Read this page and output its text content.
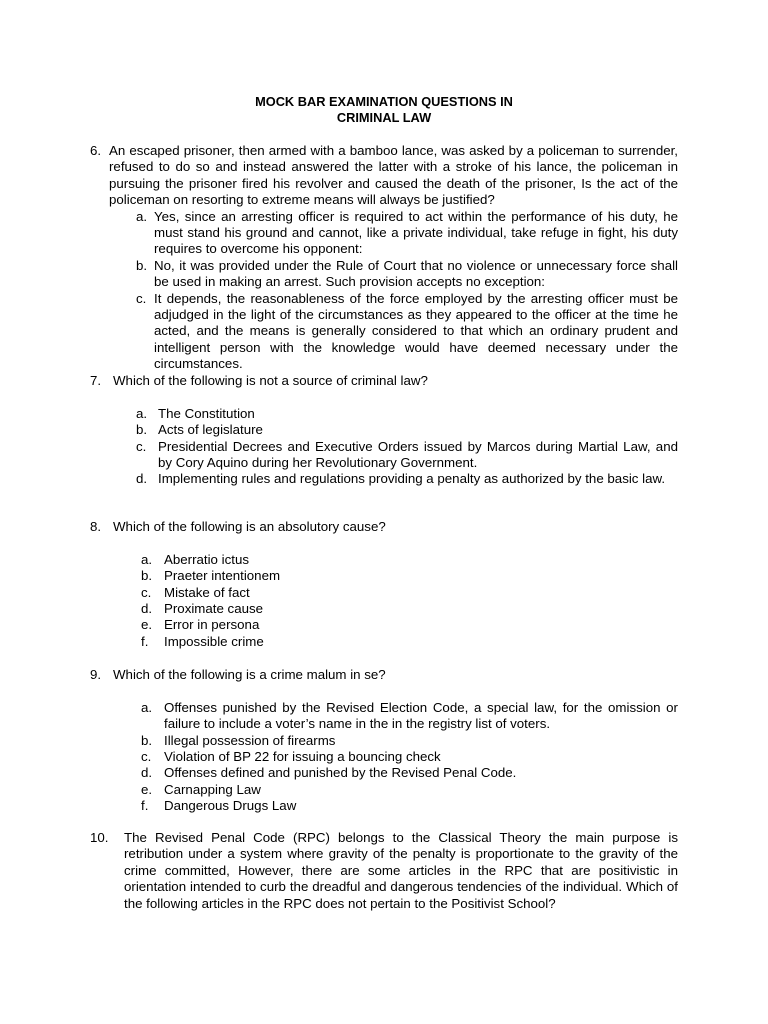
MOCK BAR EXAMINATION QUESTIONS IN
CRIMINAL LAW
6. An escaped prisoner, then armed with a bamboo lance, was asked by a policeman to surrender, refused to do so and instead answered the latter with a stroke of his lance, the policeman in pursuing the prisoner fired his revolver and caused the death of the prisoner, Is the act of the policeman on resorting to extreme means will always be justified?
a. Yes, since an arresting officer is required to act within the performance of his duty, he must stand his ground and cannot, like a private individual, take refuge in fight, his duty requires to overcome his opponent:
b. No, it was provided under the Rule of Court that no violence or unnecessary force shall be used in making an arrest. Such provision accepts no exception:
c. It depends, the reasonableness of the force employed by the arresting officer must be adjudged in the light of the circumstances as they appeared to the officer at the time he acted, and the means is generally considered to that which an ordinary prudent and intelligent person with the knowledge would have deemed necessary under the circumstances.
7. Which of the following is not a source of criminal law?
a. The Constitution
b. Acts of legislature
c. Presidential Decrees and Executive Orders issued by Marcos during Martial Law, and by Cory Aquino during her Revolutionary Government.
d. Implementing rules and regulations providing a penalty as authorized by the basic law.
8. Which of the following is an absolutory cause?
a. Aberratio ictus
b. Praeter intentionem
c. Mistake of fact
d. Proximate cause
e. Error in persona
f. Impossible crime
9. Which of the following is a crime malum in se?
a. Offenses punished by the Revised Election Code, a special law, for the omission or failure to include a voter’s name in the in the registry list of voters.
b. Illegal possession of firearms
c. Violation of BP 22 for issuing a bouncing check
d. Offenses defined and punished by the Revised Penal Code.
e. Carnapping Law
f. Dangerous Drugs Law
10. The Revised Penal Code (RPC) belongs to the Classical Theory the main purpose is retribution under a system where gravity of the penalty is proportionate to the gravity of the crime committed, However, there are some articles in the RPC that are positivistic in orientation intended to curb the dreadful and dangerous tendencies of the individual. Which of the following articles in the RPC does not pertain to the Positivist School?
